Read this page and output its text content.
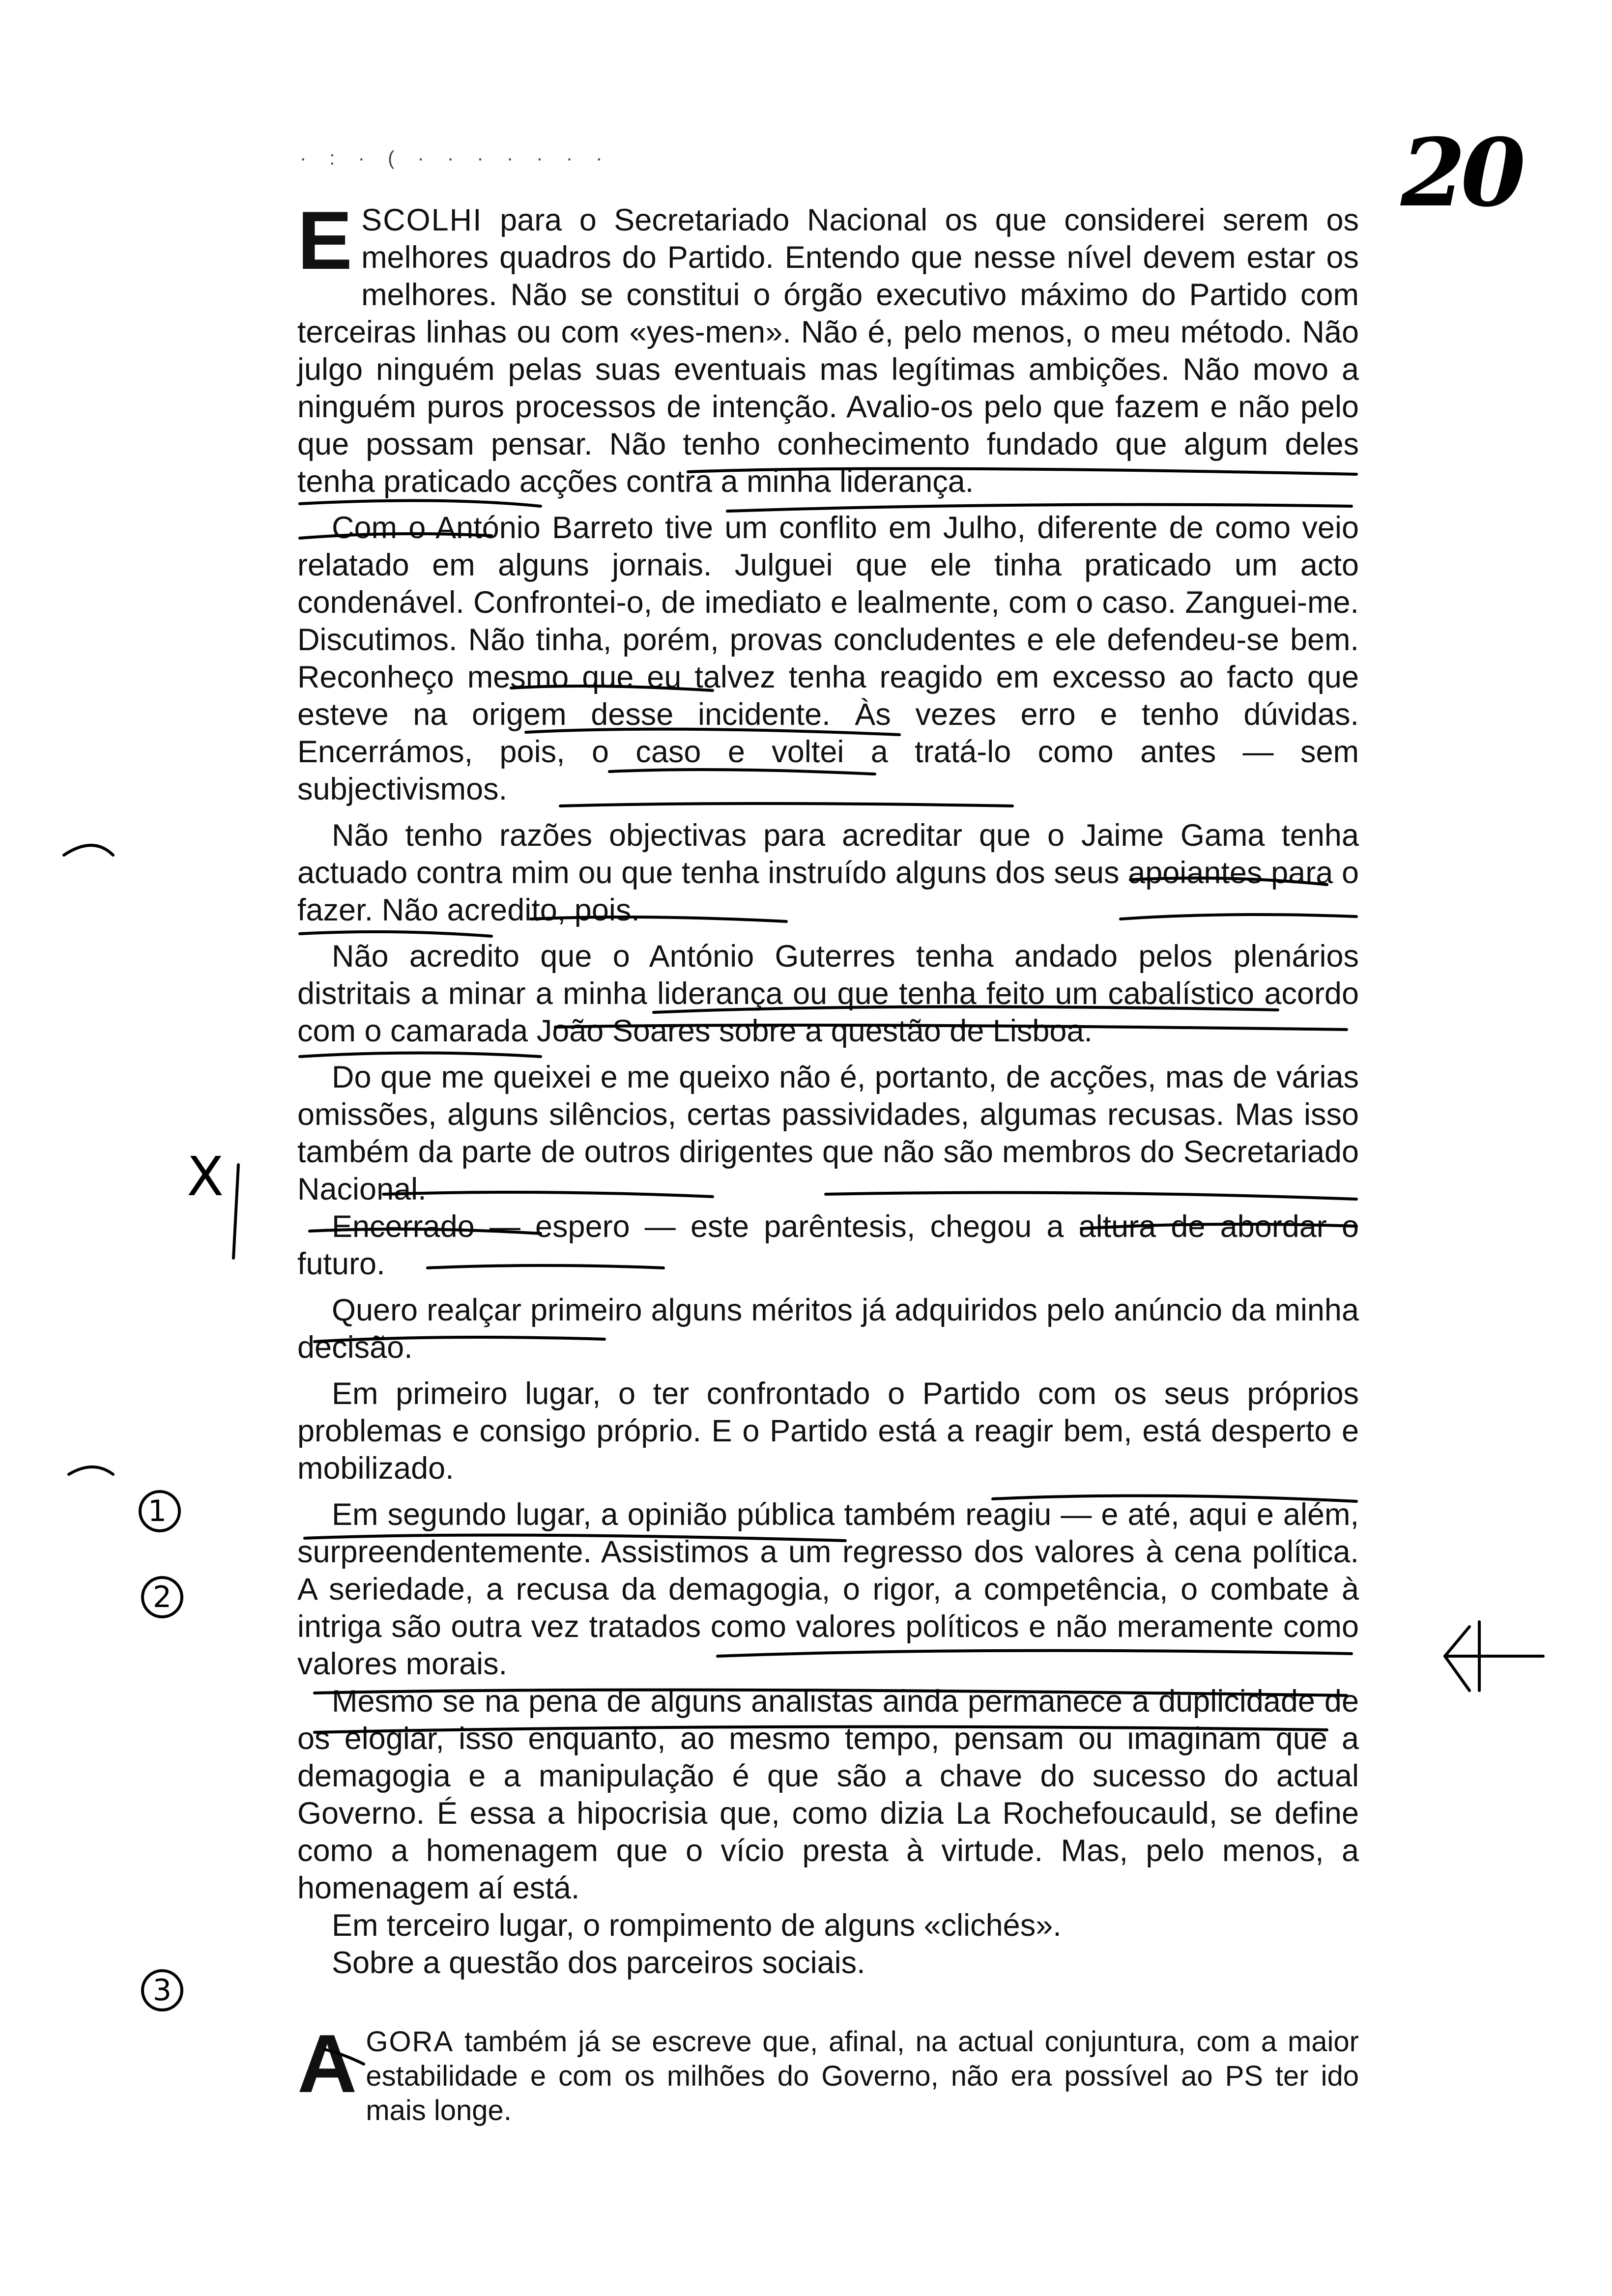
· : · ( · · · · · · ·	20

ESCOLHI para o Secretariado Nacional os que considerei serem os melhores quadros do Partido. Entendo que nesse nível devem estar os melhores. Não se constitui o órgão executivo máximo do Partido com terceiras linhas ou com «yes-men». Não é, pelo menos, o meu método. Não julgo ninguém pelas suas eventuais mas legítimas ambições. Não movo a ninguém puros processos de intenção. Avalio-os pelo que fazem e não pelo que possam pensar. Não tenho conhecimento fundado que algum deles tenha praticado acções contra a minha liderança.

Com o António Barreto tive um conflito em Julho, diferente de como veio relatado em alguns jornais. Julguei que ele tinha praticado um acto condenável. Confrontei-o, de imediato e lealmente, com o caso. Zanguei-me. Discutimos. Não tinha, porém, provas concludentes e ele defendeu-se bem. Reconheço mesmo que eu talvez tenha reagido em excesso ao facto que esteve na origem desse incidente. Às vezes erro e tenho dúvidas. Encerrámos, pois, o caso e voltei a tratá-lo como antes — sem subjectivismos.

Não tenho razões objectivas para acreditar que o Jaime Gama tenha actuado contra mim ou que tenha instruído alguns dos seus apoiantes para o fazer. Não acredito, pois.

Não acredito que o António Guterres tenha andado pelos plenários distritais a minar a minha liderança ou que tenha feito um cabalístico acordo com o camarada João Soares sobre a questão de Lisboa.

Do que me queixei e me queixo não é, portanto, de acções, mas de várias omissões, alguns silêncios, certas passividades, algumas recusas. Mas isso também da parte de outros dirigentes que não são membros do Secretariado Nacional.

Encerrado — espero — este parêntesis, chegou a altura de abordar o futuro.

Quero realçar primeiro alguns méritos já adquiridos pelo anúncio da minha decisão.

Em primeiro lugar, o ter confrontado o Partido com os seus próprios problemas e consigo próprio. E o Partido está a reagir bem, está desperto e mobilizado.

Em segundo lugar, a opinião pública também reagiu — e até, aqui e além, surpreendentemente. Assistimos a um regresso dos valores à cena política. A seriedade, a recusa da demagogia, o rigor, a competência, o combate à intriga são outra vez tratados como valores políticos e não meramente como valores morais.

Mesmo se na pena de alguns analistas ainda permanece a duplicidade de os elogiar, isso enquanto, ao mesmo tempo, pensam ou imaginam que a demagogia e a manipulação é que são a chave do sucesso do actual Governo. É essa a hipocrisia que, como dizia La Rochefoucauld, se define como a homenagem que o vício presta à virtude. Mas, pelo menos, a homenagem aí está.

Em terceiro lugar, o rompimento de alguns «clichés».

Sobre a questão dos parceiros sociais.

AGORA também já se escreve que, afinal, na actual conjuntura, com a maior estabilidade e com os milhões do Governo, não era possível ao PS ter ido mais longe.

X
1
2
3
